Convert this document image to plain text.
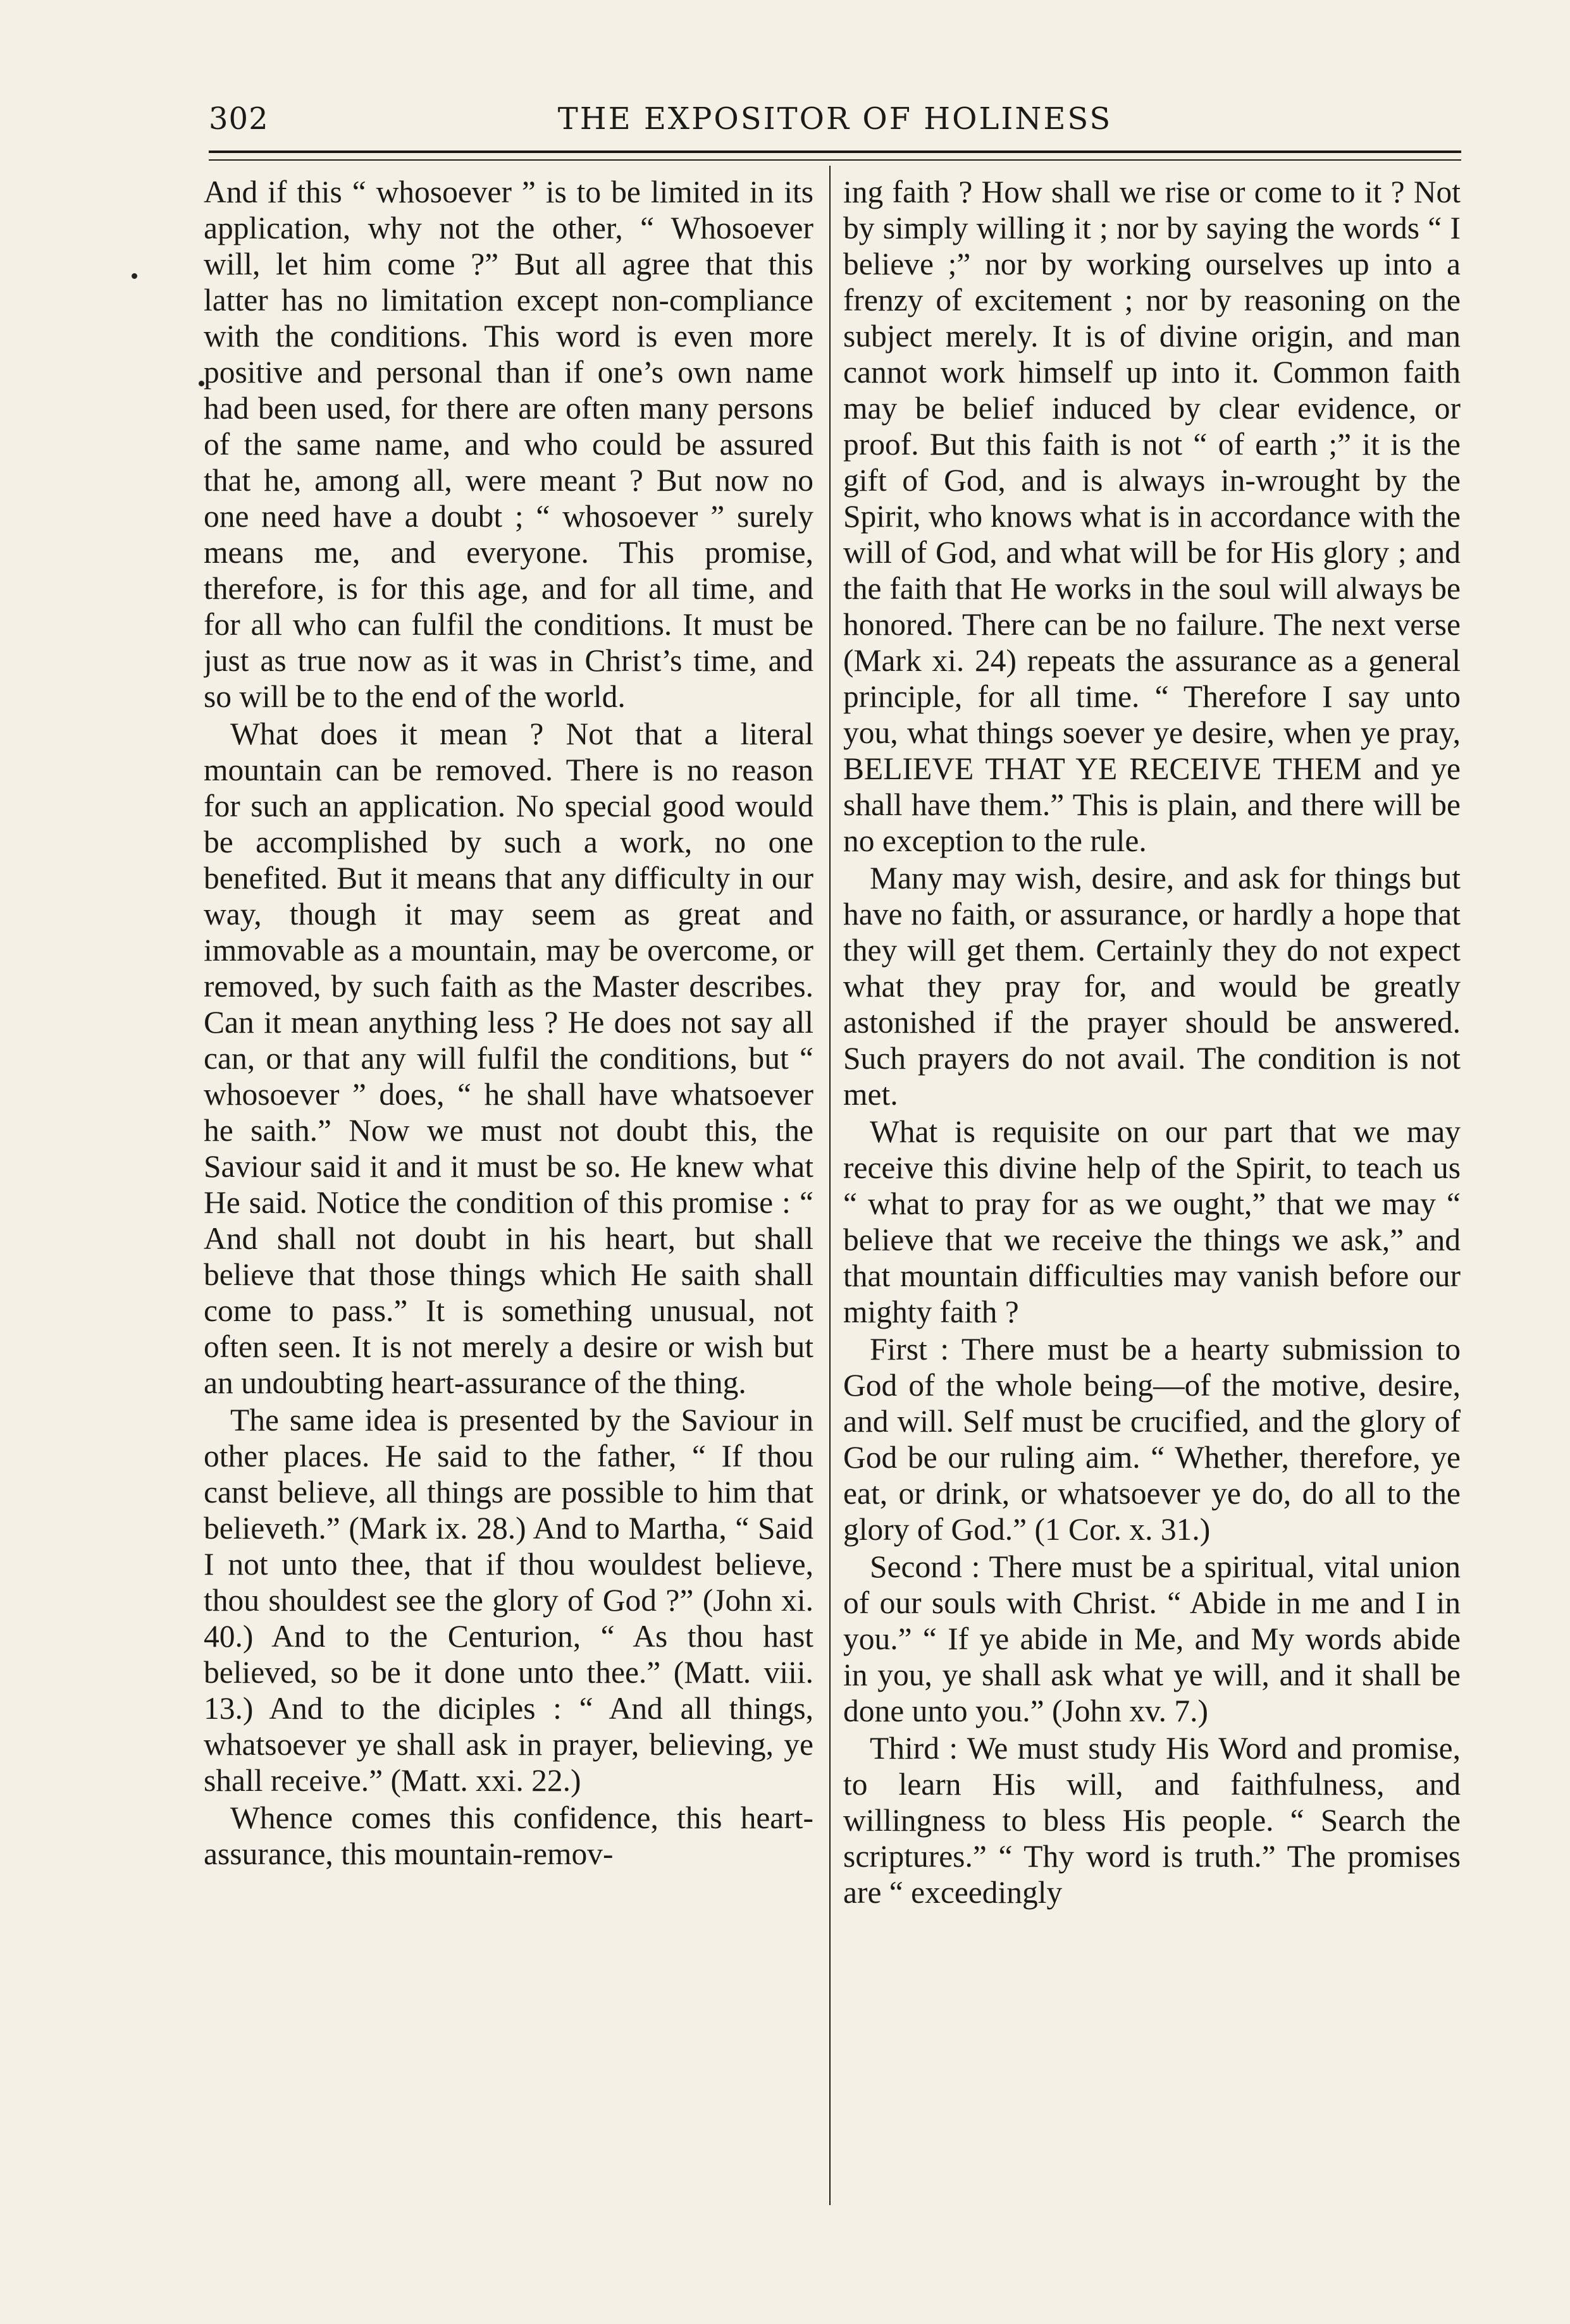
302	THE EXPOSITOR OF HOLINESS

And if this “ whosoever ” is to be limited in its application, why not the other, “ Whosoever will, let him come ?” But all agree that this latter has no limitation except non-compliance with the conditions. This word is even more positive and personal than if one’s own name had been used, for there are often many persons of the same name, and who could be assured that he, among all, were meant ? But now no one need have a doubt ; “ whosoever ” surely means me, and everyone. This promise, therefore, is for this age, and for all time, and for all who can fulfil the conditions. It must be just as true now as it was in Christ’s time, and so will be to the end of the world.

What does it mean ? Not that a literal mountain can be removed. There is no reason for such an application. No special good would be accomplished by such a work, no one benefited. But it means that any difficulty in our way, though it may seem as great and immovable as a mountain, may be overcome, or removed, by such faith as the Master describes. Can it mean anything less ? He does not say all can, or that any will fulfil the conditions, but “ whosoever ” does, “ he shall have whatsoever he saith.” Now we must not doubt this, the Saviour said it and it must be so. He knew what He said. Notice the condition of this promise : “ And shall not doubt in his heart, but shall believe that those things which He saith shall come to pass.” It is something unusual, not often seen. It is not merely a desire or wish but an undoubting heart-assurance of the thing.

The same idea is presented by the Saviour in other places. He said to the father, “ If thou canst believe, all things are possible to him that believeth.” (Mark ix. 28.) And to Martha, “ Said I not unto thee, that if thou wouldest believe, thou shouldest see the glory of God ?” (John xi. 40.) And to the Centurion, “ As thou hast believed, so be it done unto thee.” (Matt. viii. 13.) And to the diciples : “ And all things, whatsoever ye shall ask in prayer, believing, ye shall receive.” (Matt. xxi. 22.)

Whence comes this confidence, this heart-assurance, this mountain-remov-

ing faith ? How shall we rise or come to it ? Not by simply willing it ; nor by saying the words “ I believe ;” nor by working ourselves up into a frenzy of excitement ; nor by reasoning on the subject merely. It is of divine origin, and man cannot work himself up into it. Common faith may be belief induced by clear evidence, or proof. But this faith is not “ of earth ;” it is the gift of God, and is always in-wrought by the Spirit, who knows what is in accordance with the will of God, and what will be for His glory ; and the faith that He works in the soul will always be honored. There can be no failure. The next verse (Mark xi. 24) repeats the assurance as a general principle, for all time. “ Therefore I say unto you, what things soever ye desire, when ye pray, BELIEVE THAT YE RECEIVE THEM and ye shall have them.” This is plain, and there will be no exception to the rule.

Many may wish, desire, and ask for things but have no faith, or assurance, or hardly a hope that they will get them. Certainly they do not expect what they pray for, and would be greatly astonished if the prayer should be answered. Such prayers do not avail. The condition is not met.

What is requisite on our part that we may receive this divine help of the Spirit, to teach us “ what to pray for as we ought,” that we may “ believe that we receive the things we ask,” and that mountain difficulties may vanish before our mighty faith ?

First : There must be a hearty submission to God of the whole being—of the motive, desire, and will. Self must be crucified, and the glory of God be our ruling aim. “ Whether, therefore, ye eat, or drink, or whatsoever ye do, do all to the glory of God.” (1 Cor. x. 31.)

Second : There must be a spiritual, vital union of our souls with Christ. “ Abide in me and I in you.” “ If ye abide in Me, and My words abide in you, ye shall ask what ye will, and it shall be done unto you.” (John xv. 7.)

Third : We must study His Word and promise, to learn His will, and faithfulness, and willingness to bless His people. “ Search the scriptures.” “ Thy word is truth.” The promises are “ exceedingly
